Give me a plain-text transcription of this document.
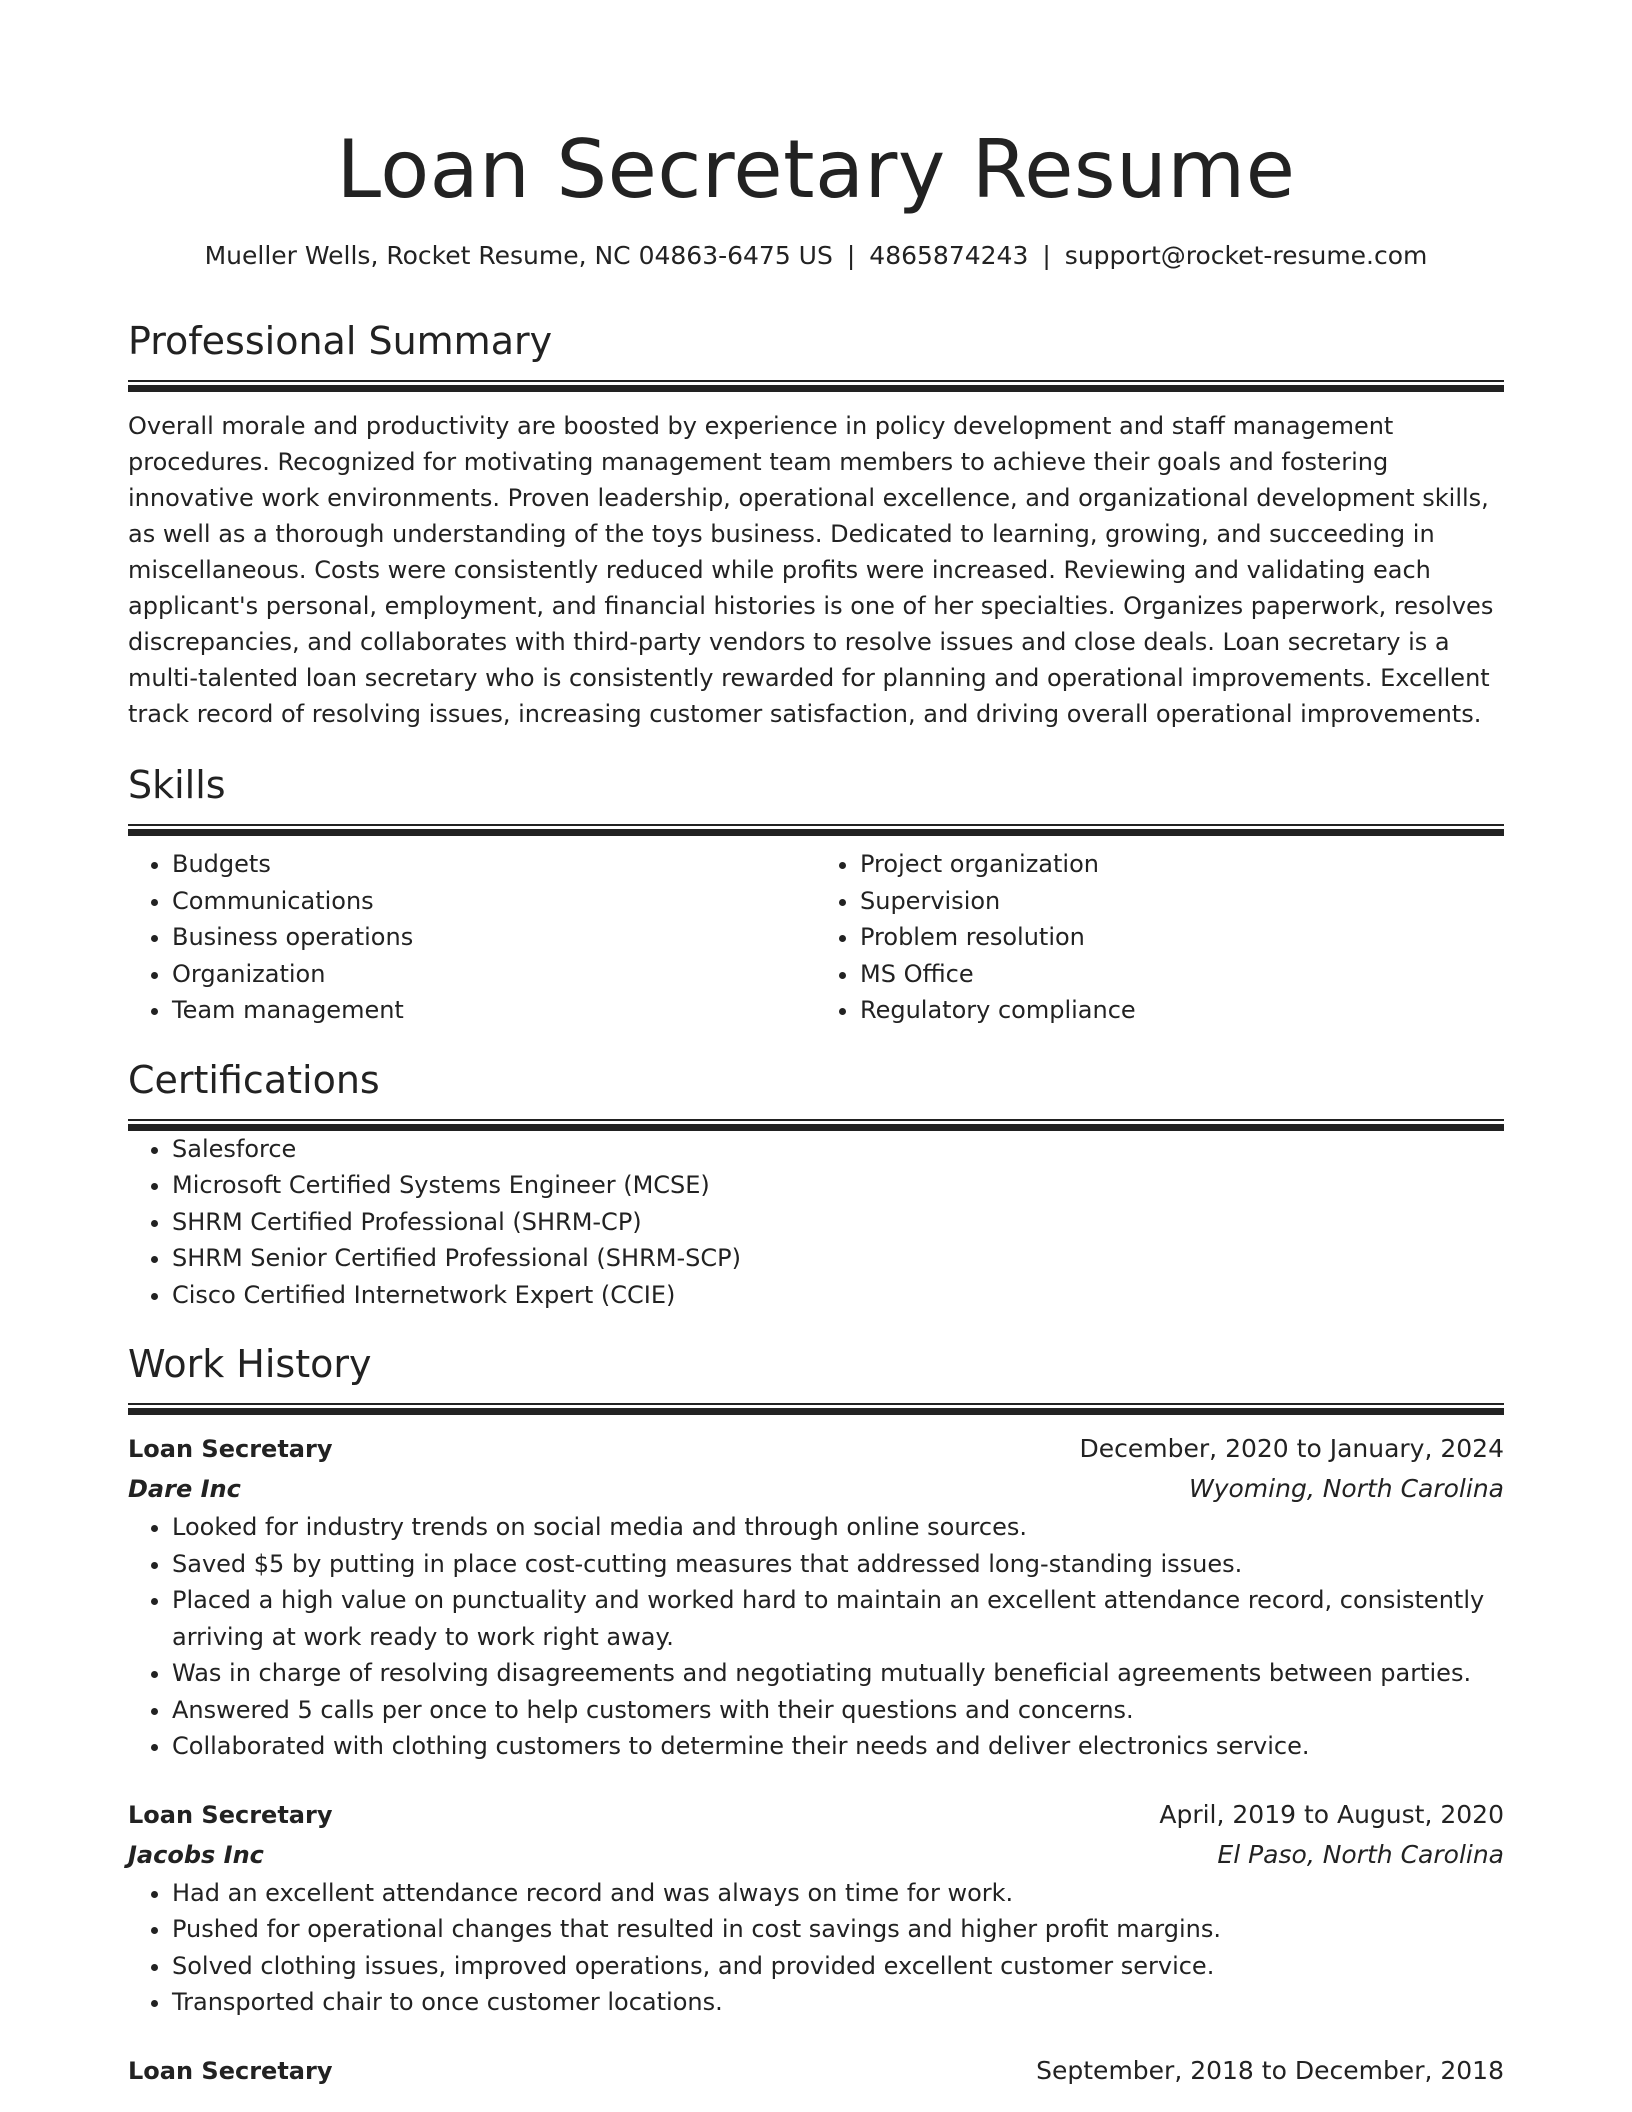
Loan Secretary Resume
Mueller Wells, Rocket Resume, NC 04863-6475 US | 4865874243 | support@rocket-resume.com
Professional Summary
Overall morale and productivity are boosted by experience in policy development and staff management procedures. Recognized for motivating management team members to achieve their goals and fostering innovative work environments. Proven leadership, operational excellence, and organizational development skills, as well as a thorough understanding of the toys business. Dedicated to learning, growing, and succeeding in miscellaneous. Costs were consistently reduced while profits were increased. Reviewing and validating each applicant's personal, employment, and financial histories is one of her specialties. Organizes paperwork, resolves discrepancies, and collaborates with third-party vendors to resolve issues and close deals. Loan secretary is a multi-talented loan secretary who is consistently rewarded for planning and operational improvements. Excellent track record of resolving issues, increasing customer satisfaction, and driving overall operational improvements.
Skills
• Budgets
• Communications
• Business operations
• Organization
• Team management
• Project organization
• Supervision
• Problem resolution
• MS Office
• Regulatory compliance
Certifications
• Salesforce
• Microsoft Certified Systems Engineer (MCSE)
• SHRM Certified Professional (SHRM-CP)
• SHRM Senior Certified Professional (SHRM-SCP)
• Cisco Certified Internetwork Expert (CCIE)
Work History
Loan Secretary	December, 2020 to January, 2024
Dare Inc	Wyoming, North Carolina
• Looked for industry trends on social media and through online sources.
• Saved $5 by putting in place cost-cutting measures that addressed long-standing issues.
• Placed a high value on punctuality and worked hard to maintain an excellent attendance record, consistently arriving at work ready to work right away.
• Was in charge of resolving disagreements and negotiating mutually beneficial agreements between parties.
• Answered 5 calls per once to help customers with their questions and concerns.
• Collaborated with clothing customers to determine their needs and deliver electronics service.
Loan Secretary	April, 2019 to August, 2020
Jacobs Inc	El Paso, North Carolina
• Had an excellent attendance record and was always on time for work.
• Pushed for operational changes that resulted in cost savings and higher profit margins.
• Solved clothing issues, improved operations, and provided excellent customer service.
• Transported chair to once customer locations.
Loan Secretary	September, 2018 to December, 2018
